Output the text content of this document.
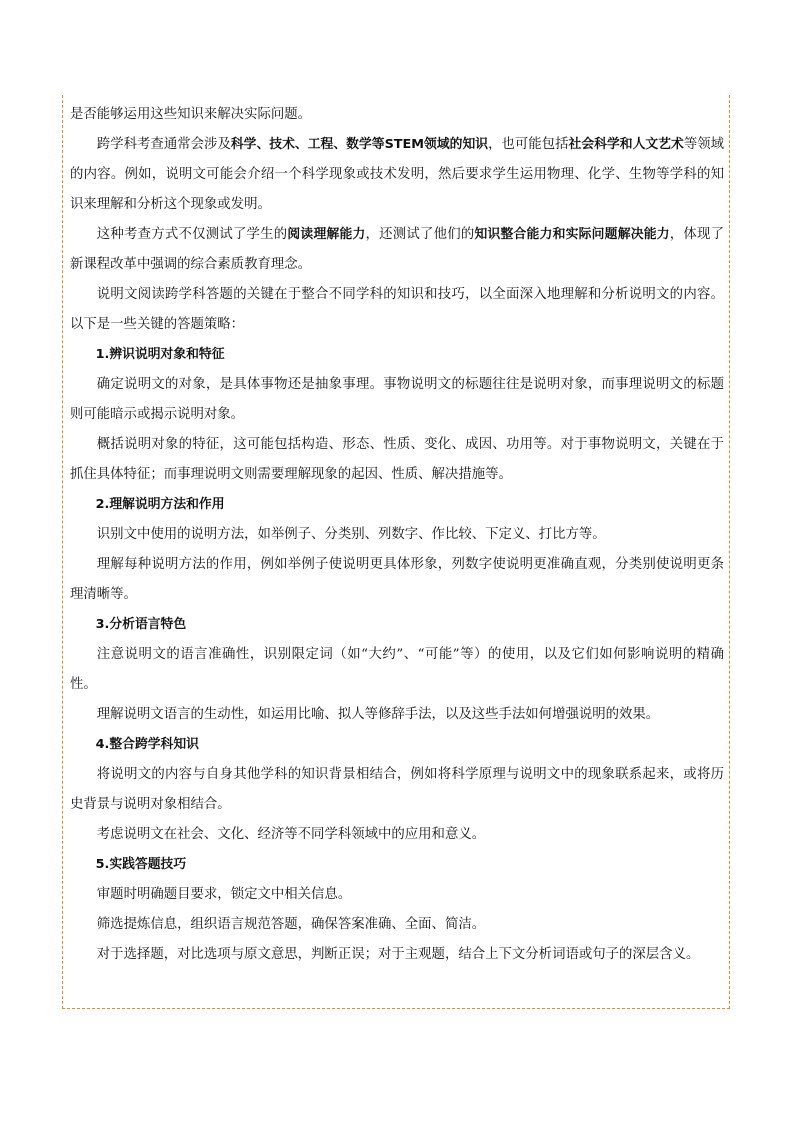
是否能够运用这些知识来解决实际问题。

跨学科考查通常会涉及科学、技术、工程、数学等STEM领域的知识，也可能包括社会科学和人文艺术等领域的内容。例如，说明文可能会介绍一个科学现象或技术发明，然后要求学生运用物理、化学、生物等学科的知识来理解和分析这个现象或发明。

这种考查方式不仅测试了学生的阅读理解能力，还测试了他们的知识整合能力和实际问题解决能力，体现了新课程改革中强调的综合素质教育理念。

说明文阅读跨学科答题的关键在于整合不同学科的知识和技巧，以全面深入地理解和分析说明文的内容。以下是一些关键的答题策略：

1.辨识说明对象和特征

确定说明文的对象，是具体事物还是抽象事理。事物说明文的标题往往是说明对象，而事理说明文的标题则可能暗示或揭示说明对象。

概括说明对象的特征，这可能包括构造、形态、性质、变化、成因、功用等。对于事物说明文，关键在于抓住具体特征；而事理说明文则需要理解现象的起因、性质、解决措施等。

2.理解说明方法和作用

识别文中使用的说明方法，如举例子、分类别、列数字、作比较、下定义、打比方等。

理解每种说明方法的作用，例如举例子使说明更具体形象，列数字使说明更准确直观，分类别使说明更条理清晰等。

3.分析语言特色

注意说明文的语言准确性，识别限定词（如“大约”、“可能”等）的使用，以及它们如何影响说明的精确性。

理解说明文语言的生动性，如运用比喻、拟人等修辞手法，以及这些手法如何增强说明的效果。

4.整合跨学科知识

将说明文的内容与自身其他学科的知识背景相结合，例如将科学原理与说明文中的现象联系起来，或将历史背景与说明对象相结合。

考虑说明文在社会、文化、经济等不同学科领域中的应用和意义。

5.实践答题技巧

审题时明确题目要求，锁定文中相关信息。

筛选提炼信息，组织语言规范答题，确保答案准确、全面、简洁。

对于选择题，对比选项与原文意思，判断正误；对于主观题，结合上下文分析词语或句子的深层含义。
